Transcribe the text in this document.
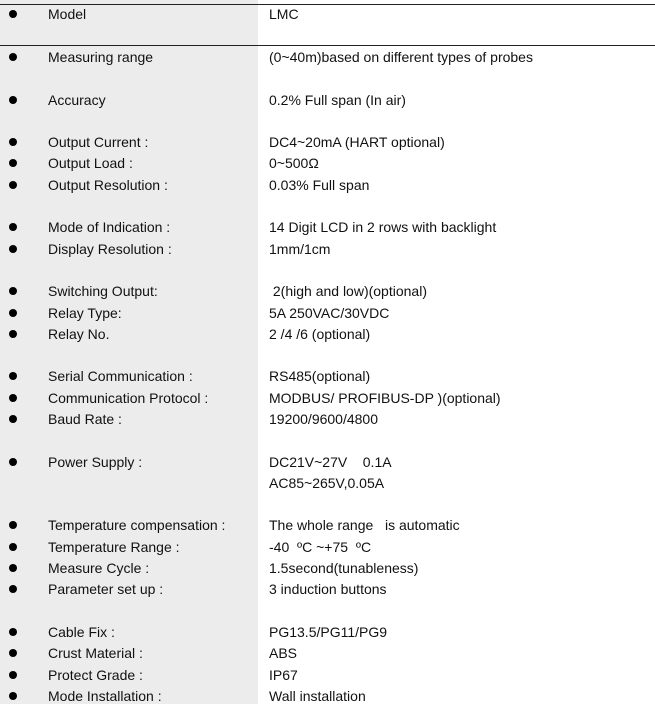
Model	LMC
Measuring range	(0~40m)based on different types of probes
Accuracy	0.2% Full span (In air)
Output Current :	DC4~20mA (HART optional)
Output Load :	0~500Ω
Output Resolution :	0.03% Full span
Mode of Indication :	14 Digit LCD in 2 rows with backlight
Display Resolution :	1mm/1cm
Switching Output:	2(high and low)(optional)
Relay Type:	5A 250VAC/30VDC
Relay No.	2 /4 /6 (optional)
Serial Communication :	RS485(optional)
Communication Protocol :	MODBUS/ PROFIBUS-DP )(optional)
Baud Rate :	19200/9600/4800
Power Supply :	DC21V~27V    0.1A
AC85~265V,0.05A
Temperature compensation :	The whole range   is automatic
Temperature Range :	-40  ºC ~+75  ºC
Measure Cycle :	1.5second(tunableness)
Parameter set up :	3 induction buttons
Cable Fix :	PG13.5/PG11/PG9
Crust Material :	ABS
Protect Grade :	IP67
Mode Installation :	Wall installation
